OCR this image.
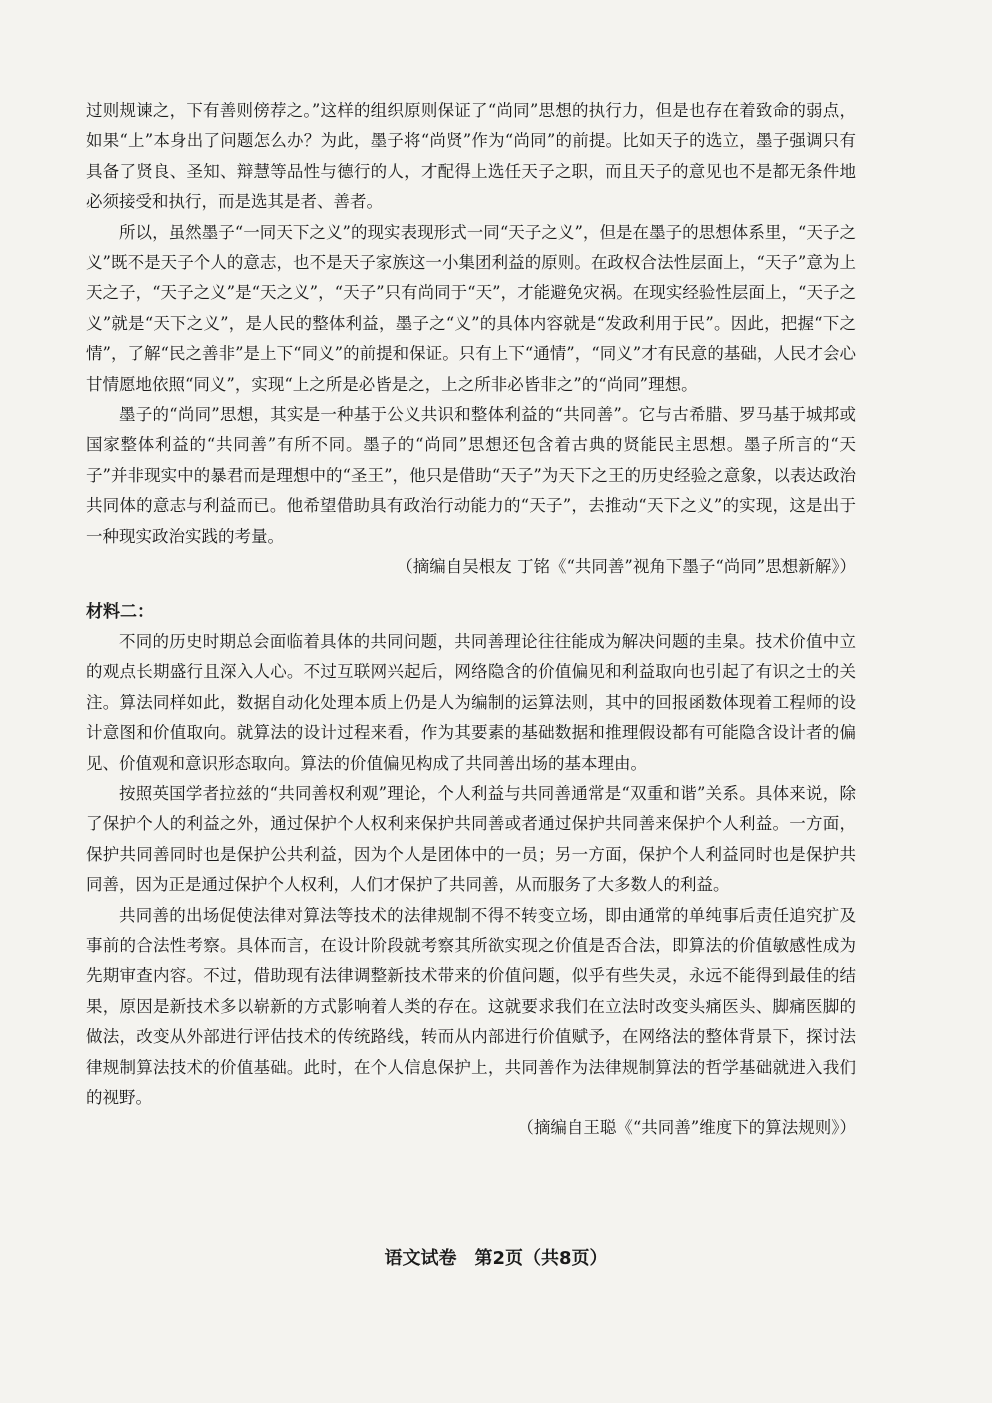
过则规谏之，下有善则傍荐之。”这样的组织原则保证了“尚同”思想的执行力，但是也存在着致命的弱点，如果“上”本身出了问题怎么办？为此，墨子将“尚贤”作为“尚同”的前提。比如天子的选立，墨子强调只有具备了贤良、圣知、辩慧等品性与德行的人，才配得上选任天子之职，而且天子的意见也不是都无条件地必须接受和执行，而是选其是者、善者。

所以，虽然墨子“一同天下之义”的现实表现形式一同“天子之义”，但是在墨子的思想体系里，“天子之义”既不是天子个人的意志，也不是天子家族这一小集团利益的原则。在政权合法性层面上，“天子”意为上天之子，“天子之义”是“天之义”，“天子”只有尚同于“天”，才能避免灾祸。在现实经验性层面上，“天子之义”就是“天下之义”，是人民的整体利益，墨子之“义”的具体内容就是“发政利用于民”。因此，把握“下之情”，了解“民之善非”是上下“同义”的前提和保证。只有上下“通情”，“同义”才有民意的基础，人民才会心甘情愿地依照“同义”，实现“上之所是必皆是之，上之所非必皆非之”的“尚同”理想。

墨子的“尚同”思想，其实是一种基于公义共识和整体利益的“共同善”。它与古希腊、罗马基于城邦或国家整体利益的“共同善”有所不同。墨子的“尚同”思想还包含着古典的贤能民主思想。墨子所言的“天子”并非现实中的暴君而是理想中的“圣王”，他只是借助“天子”为天下之王的历史经验之意象，以表达政治共同体的意志与利益而已。他希望借助具有政治行动能力的“天子”，去推动“天下之义”的实现，这是出于一种现实政治实践的考量。

（摘编自吴根友 丁铭《“共同善”视角下墨子“尚同”思想新解》）

材料二：

不同的历史时期总会面临着具体的共同问题，共同善理论往往能成为解决问题的圭臬。技术价值中立的观点长期盛行且深入人心。不过互联网兴起后，网络隐含的价值偏见和利益取向也引起了有识之士的关注。算法同样如此，数据自动化处理本质上仍是人为编制的运算法则，其中的回报函数体现着工程师的设计意图和价值取向。就算法的设计过程来看，作为其要素的基础数据和推理假设都有可能隐含设计者的偏见、价值观和意识形态取向。算法的价值偏见构成了共同善出场的基本理由。

按照英国学者拉兹的“共同善权利观”理论，个人利益与共同善通常是“双重和谐”关系。具体来说，除了保护个人的利益之外，通过保护个人权利来保护共同善或者通过保护共同善来保护个人利益。一方面，保护共同善同时也是保护公共利益，因为个人是团体中的一员；另一方面，保护个人利益同时也是保护共同善，因为正是通过保护个人权利，人们才保护了共同善，从而服务了大多数人的利益。

共同善的出场促使法律对算法等技术的法律规制不得不转变立场，即由通常的单纯事后责任追究扩及事前的合法性考察。具体而言，在设计阶段就考察其所欲实现之价值是否合法，即算法的价值敏感性成为先期审查内容。不过，借助现有法律调整新技术带来的价值问题，似乎有些失灵，永远不能得到最佳的结果，原因是新技术多以崭新的方式影响着人类的存在。这就要求我们在立法时改变头痛医头、脚痛医脚的做法，改变从外部进行评估技术的传统路线，转而从内部进行价值赋予，在网络法的整体背景下，探讨法律规制算法技术的价值基础。此时，在个人信息保护上，共同善作为法律规制算法的哲学基础就进入我们的视野。

（摘编自王聪《“共同善”维度下的算法规则》）

语文试卷　第2页（共8页）
